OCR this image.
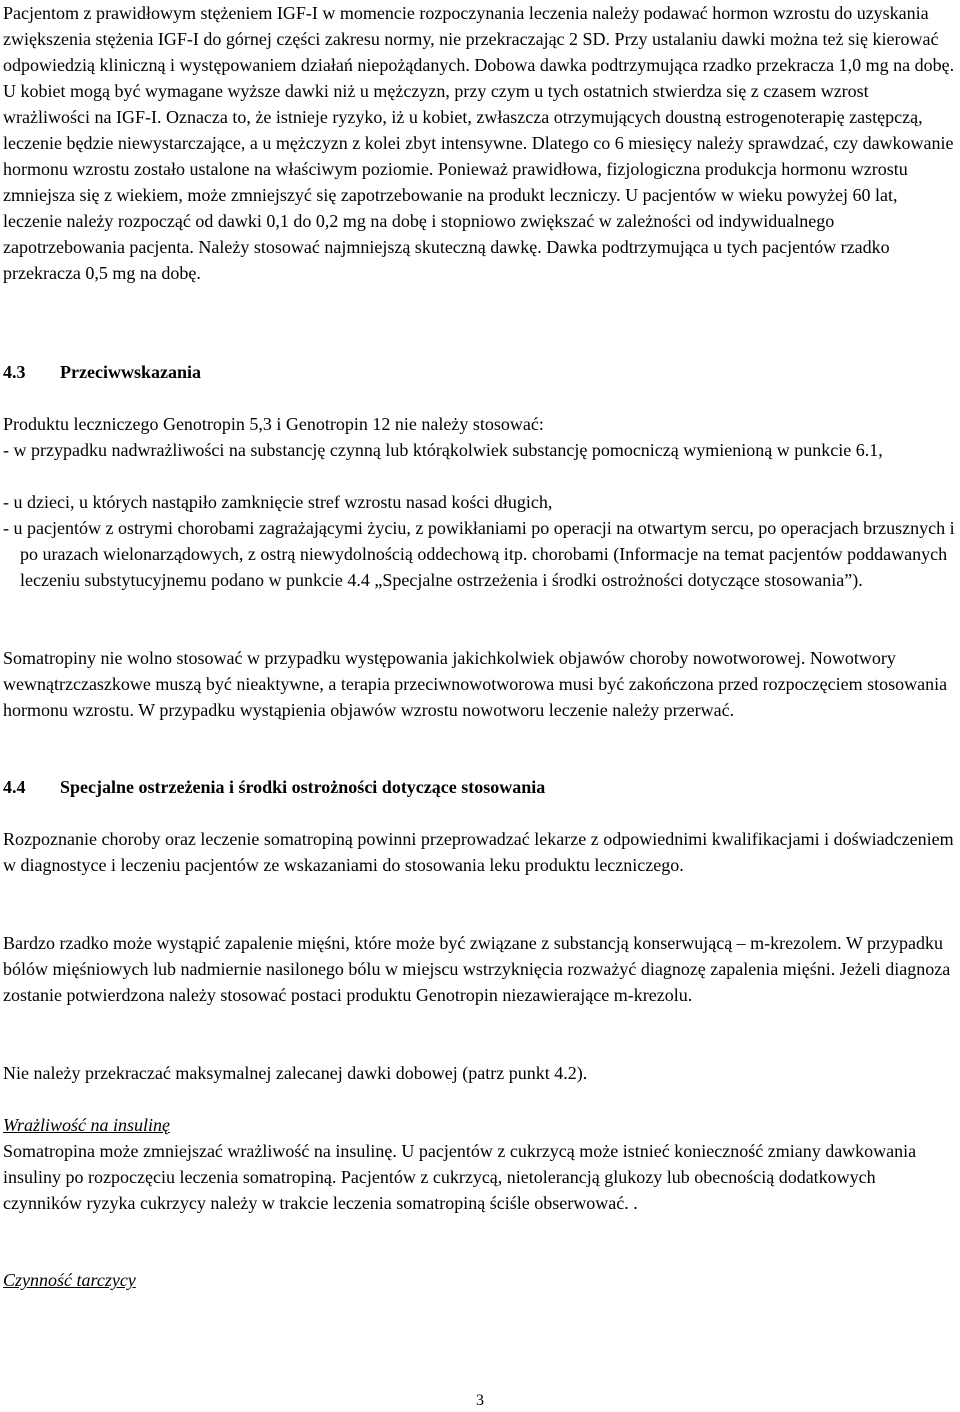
Pacjentom z prawidłowym stężeniem IGF-I w momencie rozpoczynania leczenia należy podawać hormon wzrostu do uzyskania zwiększenia stężenia IGF-I do górnej części zakresu normy, nie przekraczając 2 SD. Przy ustalaniu dawki można też się kierować odpowiedzią kliniczną i występowaniem działań niepożądanych. Dobowa dawka podtrzymująca rzadko przekracza 1,0 mg na dobę. U kobiet mogą być wymagane wyższe dawki niż u mężczyzn, przy czym u tych ostatnich stwierdza się z czasem wzrost wrażliwości na IGF-I. Oznacza to, że istnieje ryzyko, iż u kobiet, zwłaszcza otrzymujących doustną estrogenoterapię zastępczą, leczenie będzie niewystarczające, a u mężczyzn z kolei zbyt intensywne. Dlatego co 6 miesięcy należy sprawdzać, czy dawkowanie hormonu wzrostu zostało ustalone na właściwym poziomie. Ponieważ prawidłowa, fizjologiczna produkcja hormonu wzrostu zmniejsza się z wiekiem, może zmniejszyć się zapotrzebowanie na produkt leczniczy. U pacjentów w wieku powyżej 60 lat, leczenie należy rozpocząć od dawki 0,1 do 0,2 mg na dobę i stopniowo zwiększać w zależności od indywidualnego zapotrzebowania pacjenta. Należy stosować najmniejszą skuteczną dawkę. Dawka podtrzymująca u tych pacjentów rzadko przekracza 0,5 mg na dobę.

4.3 Przeciwwskazania

Produktu leczniczego Genotropin 5,3 i Genotropin 12 nie należy stosować:

- w przypadku nadwrażliwości na substancję czynną lub którąkolwiek substancję pomocniczą wymienioną w punkcie 6.1,

- u dzieci, u których nastąpiło zamknięcie stref wzrostu nasad kości długich,

- u pacjentów z ostrymi chorobami zagrażającymi życiu, z powikłaniami po operacji na otwartym sercu, po operacjach brzusznych i po urazach wielonarządowych, z ostrą niewydolnością oddechową itp. chorobami (Informacje na temat pacjentów poddawanych leczeniu substytucyjnemu podano w punkcie 4.4 „Specjalne ostrzeżenia i środki ostrożności dotyczące stosowania”).

Somatropiny nie wolno stosować w przypadku występowania jakichkolwiek objawów choroby nowotworowej. Nowotwory wewnątrzczaszkowe muszą być nieaktywne, a terapia przeciwnowotworowa musi być zakończona przed rozpoczęciem stosowania hormonu wzrostu. W przypadku wystąpienia objawów wzrostu nowotworu leczenie należy przerwać.

4.4 Specjalne ostrzeżenia i środki ostrożności dotyczące stosowania

Rozpoznanie choroby oraz leczenie somatropiną powinni przeprowadzać lekarze z odpowiednimi kwalifikacjami i doświadczeniem w diagnostyce i leczeniu pacjentów ze wskazaniami do stosowania leku produktu leczniczego.

Bardzo rzadko może wystąpić zapalenie mięśni, które może być związane z substancją konserwującą – m-krezolem. W przypadku bólów mięśniowych lub nadmiernie nasilonego bólu w miejscu wstrzyknięcia rozważyć diagnozę zapalenia mięśni. Jeżeli diagnoza zostanie potwierdzona należy stosować postaci produktu Genotropin niezawierające m-krezolu.

Nie należy przekraczać maksymalnej zalecanej dawki dobowej (patrz punkt 4.2).

Wrażliwość na insulinę

Somatropina może zmniejszać wrażliwość na insulinę. U pacjentów z cukrzycą może istnieć konieczność zmiany dawkowania insuliny po rozpoczęciu leczenia somatropiną. Pacjentów z cukrzycą, nietolerancją glukozy lub obecnością dodatkowych czynników ryzyka cukrzycy należy w trakcie leczenia somatropiną ściśle obserwować. .

Czynność tarczycy

3
